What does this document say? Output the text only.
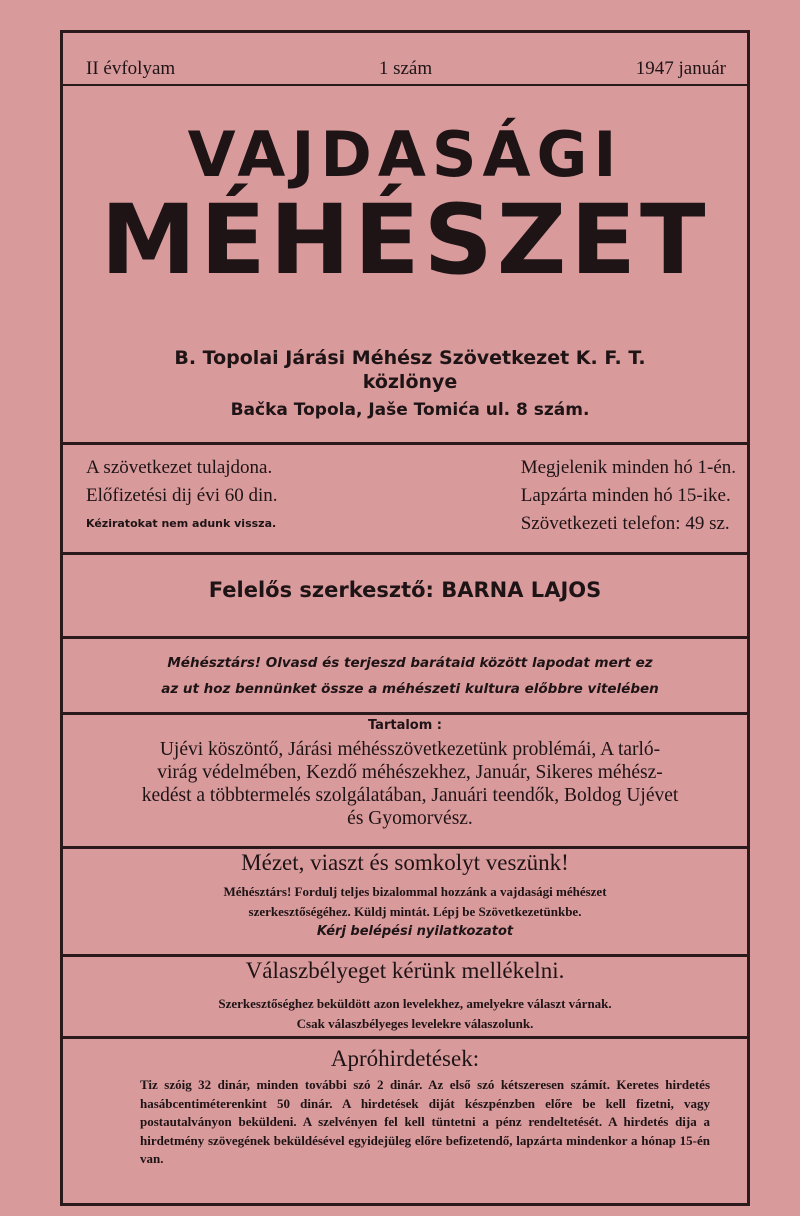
II évfolyam	1 szám	1947 január
VAJDASÁGI
MÉHÉSZET
B. Topolai Járási Méhész Szövetkezet K. F. T.
közlönye
Bačka Topola, Jaše Tomića ul. 8 szám.
A szövetkezet tulajdona.
Előfizetési dij évi 60 din.
Kéziratokat nem adunk vissza.
Megjelenik minden hó 1-én.
Lapzárta minden hó 15-ike.
Szövetkezeti telefon: 49 sz.
Felelős szerkesztő: BARNA LAJOS
Méhésztárs! Olvasd és terjeszd barátaid között lapodat mert ez
az ut hoz bennünket össze a méhészeti kultura előbbre vitelében
Tartalom :
Ujévi köszöntő, Járási méhésszövetkezetünk problémái, A tarló-
virág védelmében, Kezdő méhészekhez, Január, Sikeres méhész-
kedést a többtermelés szolgálatában, Januári teendők, Boldog Ujévet
és Gyomorvész.
Mézet, viaszt és somkolyt veszünk!
Méhésztárs! Fordulj teljes bizalommal hozzánk a vajdasági méhészet
szerkesztőségéhez. Küldj mintát. Lépj be Szövetkezetünkbe.
Kérj belépési nyilatkozatot
Válaszbélyeget kérünk mellékelni.
Szerkesztőséghez beküldött azon levelekhez, amelyekre választ várnak.
Csak válaszbélyeges levelekre válaszolunk.
Apróhirdetések:
Tiz szóig 32 dinár, minden további szó 2 dinár. Az első szó kétszeresen számít. Keretes hirdetés hasábcentiméterenkint 50 dinár. A hirdetések diját készpénzben előre be kell fizetni, vagy postautalványon beküldeni. A szelvényen fel kell tüntetni a pénz rendeltetését. A hirdetés dija a hirdetmény szövegének beküldésével egyidejüleg előre befizetendő, lapzárta mindenkor a hónap 15-én van.
